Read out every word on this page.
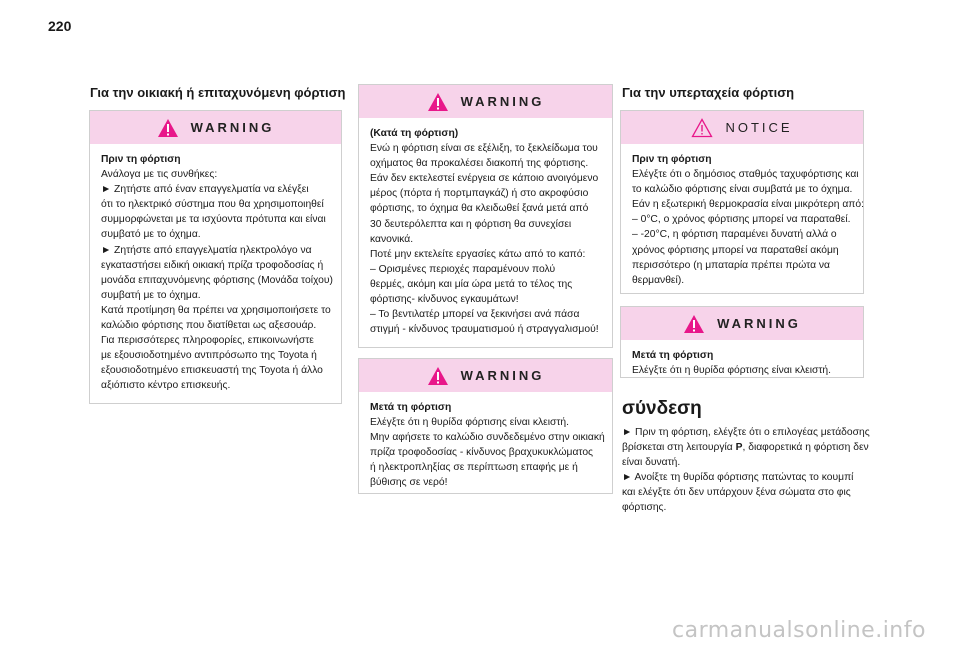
220
Για την οικιακή ή επιταχυνόμενη φόρτιση
WARNING
Πριν τη φόρτιση
Ανάλογα με τις συνθήκες:
► Ζητήστε από έναν επαγγελματία να ελέγξει
ότι το ηλεκτρικό σύστημα που θα χρησιμοποιηθεί
συμμορφώνεται με τα ισχύοντα πρότυπα και είναι
συμβατό με το όχημα.
► Ζητήστε από επαγγελματία ηλεκτρολόγο να
εγκαταστήσει ειδική οικιακή πρίζα τροφοδοσίας ή
μονάδα επιταχυνόμενης φόρτισης (Μονάδα τοίχου)
συμβατή με το όχημα.
Κατά προτίμηση θα πρέπει να χρησιμοποιήσετε το
καλώδιο φόρτισης που διατίθεται ως αξεσουάρ.
Για περισσότερες πληροφορίες, επικοινωνήστε
με εξουσιοδοτημένο αντιπρόσωπο της Toyota ή
εξουσιοδοτημένο επισκευαστή της Toyota ή άλλο
αξιόπιστο κέντρο επισκευής.
WARNING
(Κατά τη φόρτιση)
Ενώ η φόρτιση είναι σε εξέλιξη, το ξεκλείδωμα του
οχήματος θα προκαλέσει διακοπή της φόρτισης.
Εάν δεν εκτελεστεί ενέργεια σε κάποιο ανοιγόμενο
μέρος (πόρτα ή πορτμπαγκάζ) ή στο ακροφύσιο
φόρτισης, το όχημα θα κλειδωθεί ξανά μετά από
30 δευτερόλεπτα και η φόρτιση θα συνεχίσει
κανονικά.
Ποτέ μην εκτελείτε εργασίες κάτω από το καπό:
– Ορισμένες περιοχές παραμένουν πολύ
θερμές, ακόμη και μία ώρα μετά το τέλος της
φόρτισης- κίνδυνος εγκαυμάτων!
– Το βεντιλατέρ μπορεί να ξεκινήσει ανά πάσα
στιγμή - κίνδυνος τραυματισμού ή στραγγαλισμού!
WARNING
Μετά τη φόρτιση
Ελέγξτε ότι η θυρίδα φόρτισης είναι κλειστή.
Μην αφήσετε το καλώδιο συνδεδεμένο στην οικιακή
πρίζα τροφοδοσίας - κίνδυνος βραχυκυκλώματος
ή ηλεκτροπληξίας σε περίπτωση επαφής με ή
βύθισης σε νερό!
Για την υπερταχεία φόρτιση
NOTICE
Πριν τη φόρτιση
Ελέγξτε ότι ο δημόσιος σταθμός ταχυφόρτισης και
το καλώδιο φόρτισης είναι συμβατά με το όχημα.
Εάν η εξωτερική θερμοκρασία είναι μικρότερη από:
– 0°C, ο χρόνος φόρτισης μπορεί να παραταθεί.
– -20°C, η φόρτιση παραμένει δυνατή αλλά ο
χρόνος φόρτισης μπορεί να παραταθεί ακόμη
περισσότερο (η μπαταρία πρέπει πρώτα να
θερμανθεί).
WARNING
Μετά τη φόρτιση
Ελέγξτε ότι η θυρίδα φόρτισης είναι κλειστή.
σύνδεση
► Πριν τη φόρτιση, ελέγξτε ότι ο επιλογέας μετάδοσης
βρίσκεται στη λειτουργία P, διαφορετικά η φόρτιση δεν
είναι δυνατή.
► Ανοίξτε τη θυρίδα φόρτισης πατώντας το κουμπί
και ελέγξτε ότι δεν υπάρχουν ξένα σώματα στο φις
φόρτισης.
carmanualsonline.info
